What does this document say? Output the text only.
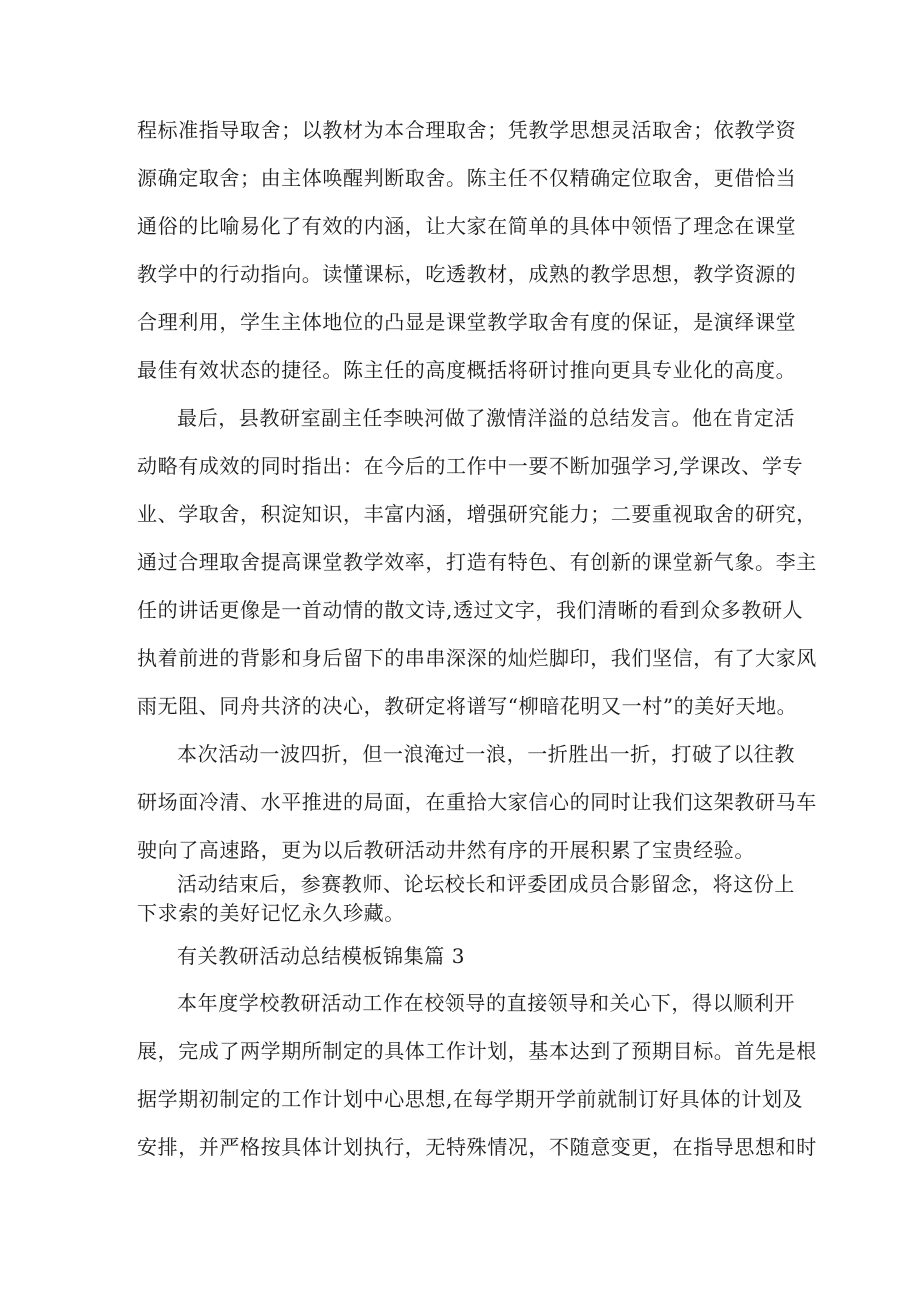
程标准指导取舍；以教材为本合理取舍；凭教学思想灵活取舍；依教学资
源确定取舍；由主体唤醒判断取舍。陈主任不仅精确定位取舍，更借恰当
通俗的比喻易化了有效的内涵，让大家在简单的具体中领悟了理念在课堂
教学中的行动指向。读懂课标，吃透教材，成熟的教学思想，教学资源的
合理利用，学生主体地位的凸显是课堂教学取舍有度的保证，是演绎课堂
最佳有效状态的捷径。陈主任的高度概括将研讨推向更具专业化的高度。
最后，县教研室副主任李映河做了激情洋溢的总结发言。他在肯定活
动略有成效的同时指出：在今后的工作中一要不断加强学习,学课改、学专
业、学取舍，积淀知识，丰富内涵，增强研究能力；二要重视取舍的研究，
通过合理取舍提高课堂教学效率，打造有特色、有创新的课堂新气象。李主
任的讲话更像是一首动情的散文诗,透过文字，我们清晰的看到众多教研人
执着前进的背影和身后留下的串串深深的灿烂脚印，我们坚信，有了大家风
雨无阻、同舟共济的决心，教研定将谱写“柳暗花明又一村”的美好天地。
本次活动一波四折，但一浪淹过一浪，一折胜出一折，打破了以往教
研场面冷清、水平推进的局面，在重拾大家信心的同时让我们这架教研马车
驶向了高速路，更为以后教研活动井然有序的开展积累了宝贵经验。
活动结束后，参赛教师、论坛校长和评委团成员合影留念，将这份上
下求索的美好记忆永久珍藏。
有关教研活动总结模板锦集篇 3
本年度学校教研活动工作在校领导的直接领导和关心下，得以顺利开
展，完成了两学期所制定的具体工作计划，基本达到了预期目标。首先是根
据学期初制定的工作计划中心思想,在每学期开学前就制订好具体的计划及
安排，并严格按具体计划执行，无特殊情况，不随意变更，在指导思想和时
